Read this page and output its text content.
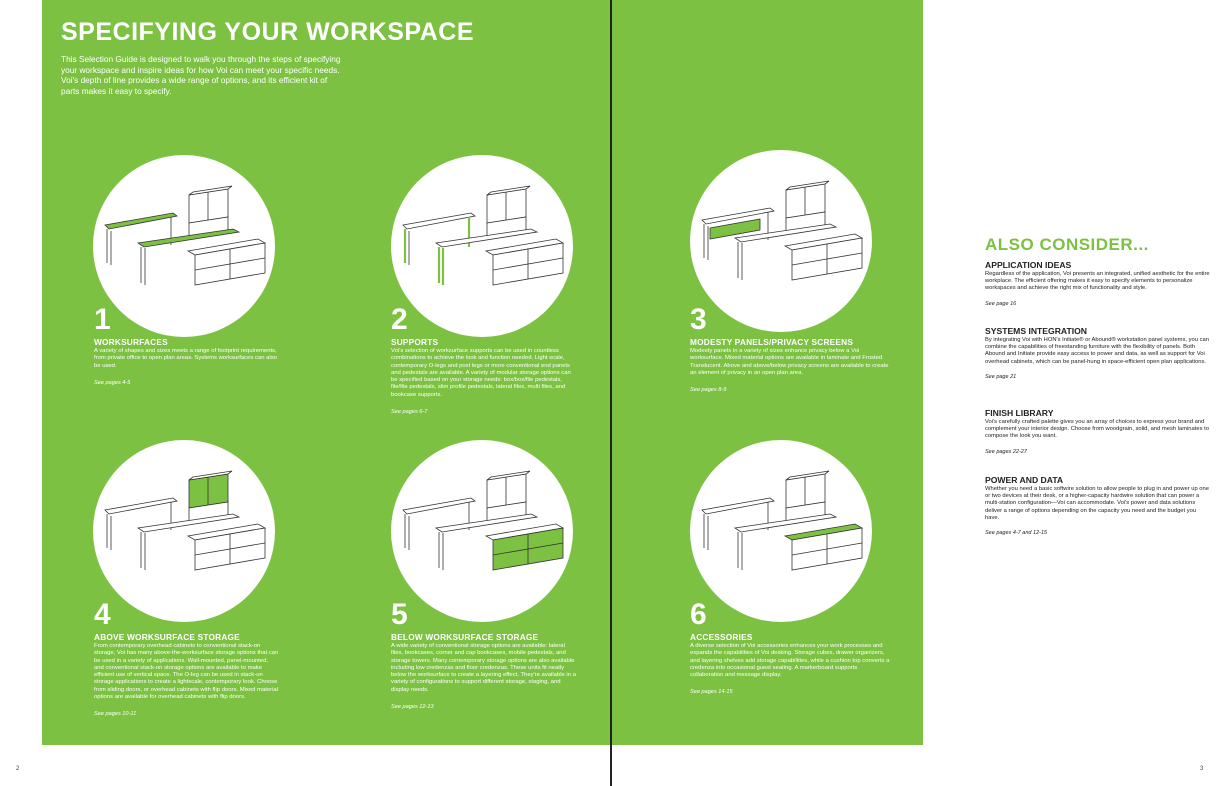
SPECIFYING YOUR WORKSPACE
This Selection Guide is designed to walk you through the steps of specifying your workspace and inspire ideas for how Voi can meet your specific needs. Voi's depth of line provides a wide range of options, and its efficient kit of parts makes it easy to specify.
1
WORKSURFACES
A variety of shapes and sizes meets a range of footprint requirements, from private office to open plan areas. Systems worksurfaces can also be used.
See pages 4-5
2
SUPPORTS
Voi's selection of worksurface supports can be used in countless combinations to achieve the look and function needed. Light scale, contemporary O-legs and post legs or more conventional end panels and pedestals are available. A variety of modular storage options can be specified based on your storage needs: box/box/file pedestals, file/file pedestals, slim profile pedestals, lateral files, multi files, and bookcase supports.
See pages 6-7
3
MODESTY PANELS/PRIVACY SCREENS
Modesty panels in a variety of sizes enhance privacy below a Voi worksurface. Mixed material options are available in laminate and Frosted Translucent. Above and above/below privacy screens are available to create an element of privacy in an open plan area.
See pages 8-9
4
ABOVE WORKSURFACE STORAGE
From contemporary overhead cabinets to conventional stack-on storage, Voi has many above-the-worksurface storage options that can be used in a variety of applications. Wall-mounted, panel-mounted, and conventional stack-on storage options are available to make efficient use of vertical space. The O-leg can be used in stack-on storage applications to create a lightscale, contemporary look. Choose from sliding doors, or overhead cabinets with flip doors. Mixed material options are available for overhead cabinets with flip doors.
See pages 10-11
5
BELOW WORKSURFACE STORAGE
A wide variety of conventional storage options are available: lateral files, bookcases, corner and cap bookcases, mobile pedestals, and storage towers. Many contemporary storage options are also available including low credenzas and floor credenzas. These units fit neatly below the worksurface to create a layering effect. They're available in a variety of configurations to support different storage, staging, and display needs.
See pages 12-13
6
ACCESSORIES
A diverse selection of Voi accessories enhances your work processes and expands the capabilities of Voi desking. Storage cubes, drawer organizers, and layering shelves add storage capabilities, while a cushion top converts a credenza into occasional guest seating. A markerboard supports collaboration and message display.
See pages 14-15
ALSO CONSIDER...
APPLICATION IDEAS
Regardless of the application, Voi presents an integrated, unified aesthetic for the entire workplace. The efficient offering makes it easy to specify elements to personalize workspaces and achieve the right mix of functionality and style.
See page 16
SYSTEMS INTEGRATION
By integrating Voi with HON's Initiate® or Abound® workstation panel systems, you can combine the capabilities of freestanding furniture with the flexibility of panels. Both Abound and Initiate provide easy access to power and data, as well as support for Voi overhead cabinets, which can be panel-hung in space-efficient open plan applications.
See page 21
FINISH LIBRARY
Voi's carefully crafted palette gives you an array of choices to express your brand and complement your interior design. Choose from woodgrain, solid, and mesh laminates to compose the look you want.
See pages 22-27
POWER AND DATA
Whether you need a basic softwire solution to allow people to plug in and power up one or two devices at their desk, or a higher-capacity hardwire solution that can power a multi-station configuration—Voi can accommodate. Voi's power and data solutions deliver a range of options depending on the capacity you need and the budget you have.
See pages 4-7 and 12-15
2	3
